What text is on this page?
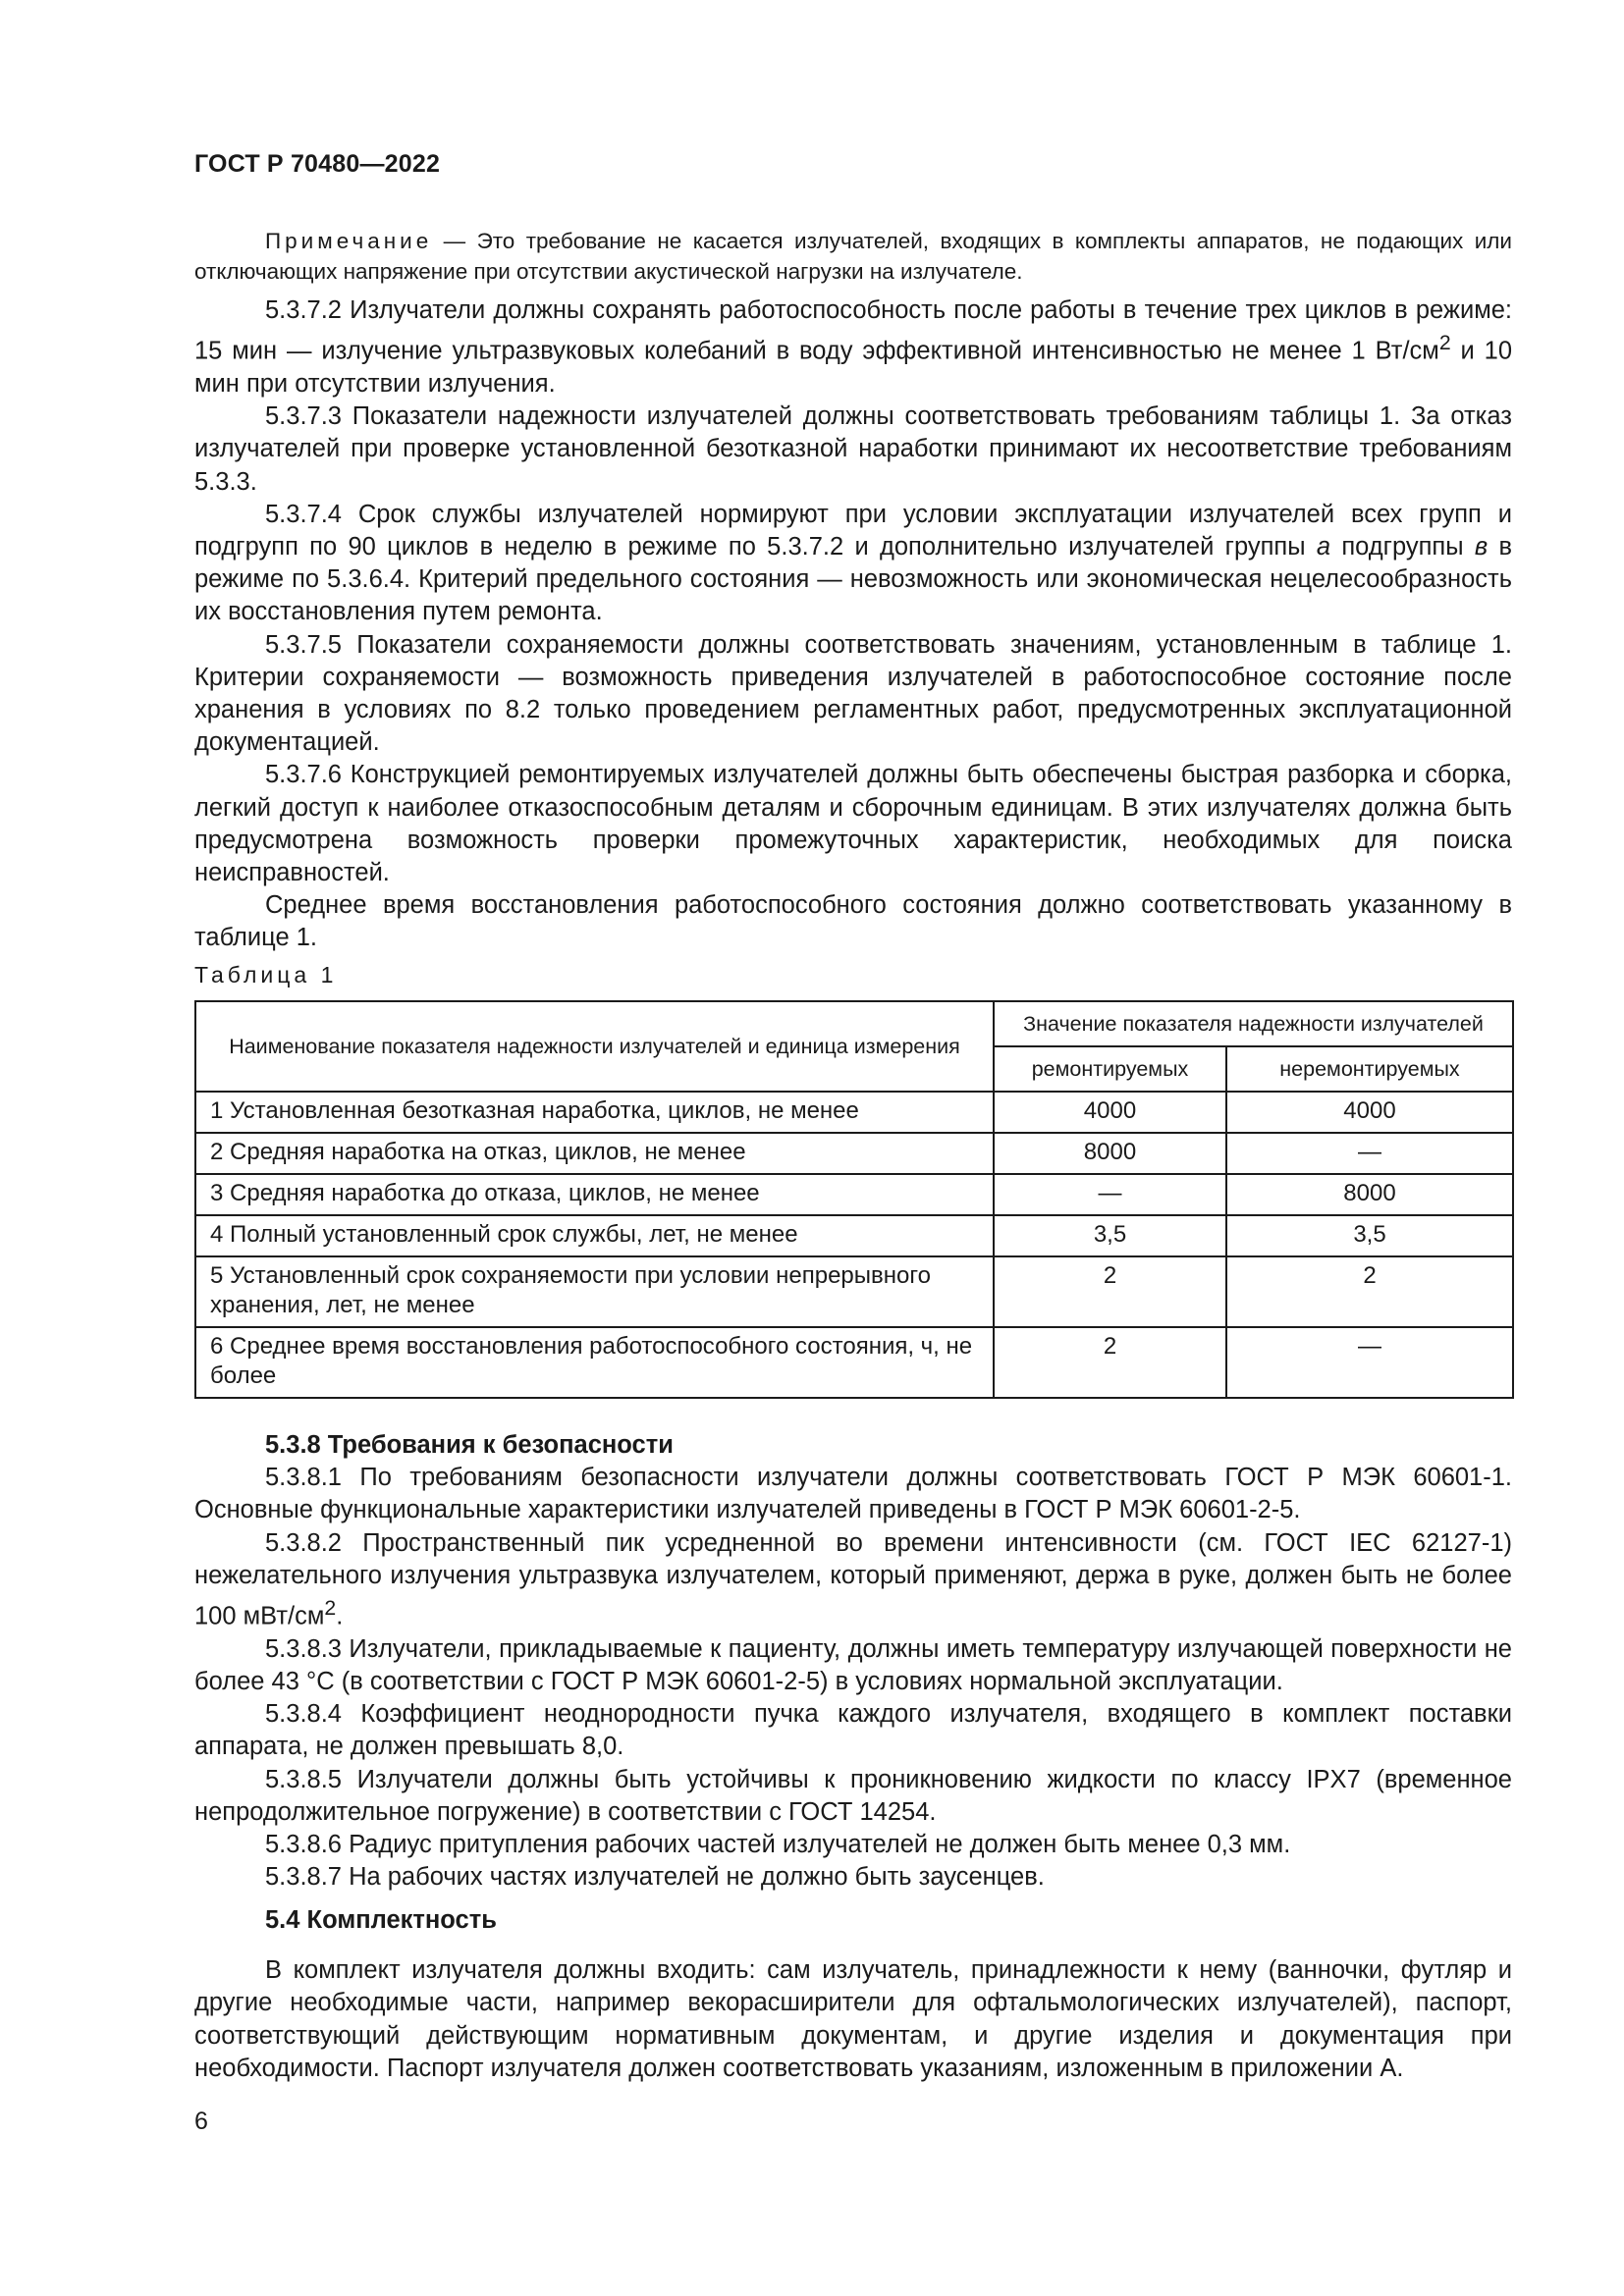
ГОСТ Р 70480—2022

Примечание — Это требование не касается излучателей, входящих в комплекты аппаратов, не подающих или отключающих напряжение при отсутствии акустической нагрузки на излучателе.

5.3.7.2 Излучатели должны сохранять работоспособность после работы в течение трех циклов в режиме: 15 мин — излучение ультразвуковых колебаний в воду эффективной интенсивностью не менее 1 $Вт/см^2$ и 10 мин при отсутствии излучения.

5.3.7.3 Показатели надежности излучателей должны соответствовать требованиям таблицы 1. За отказ излучателей при проверке установленной безотказной наработки принимают их несоответствие требованиям 5.3.3.

5.3.7.4 Срок службы излучателей нормируют при условии эксплуатации излучателей всех групп и подгрупп по 90 циклов в неделю в режиме по 5.3.7.2 и дополнительно излучателей группы а подгруппы в в режиме по 5.3.6.4. Критерий предельного состояния — невозможность или экономическая нецелесообразность их восстановления путем ремонта.

5.3.7.5 Показатели сохраняемости должны соответствовать значениям, установленным в таблице 1. Критерии сохраняемости — возможность приведения излучателей в работоспособное состояние после хранения в условиях по 8.2 только проведением регламентных работ, предусмотренных эксплуатационной документацией.

5.3.7.6 Конструкцией ремонтируемых излучателей должны быть обеспечены быстрая разборка и сборка, легкий доступ к наиболее отказоспособным деталям и сборочным единицам. В этих излучателях должна быть предусмотрена возможность проверки промежуточных характеристик, необходимых для поиска неисправностей.

Среднее время восстановления работоспособного состояния должно соответствовать указанному в таблице 1.

Таблица 1
Наименование показателя надежности излучателей и единица измерения	Значение показателя надежности излучателей	
	ремонтируемых	неремонтируемых
1 Установленная безотказная наработка, циклов, не менее	4000	4000
2 Средняя наработка на отказ, циклов, не менее	8000	—
3 Средняя наработка до отказа, циклов, не менее	—	8000
4 Полный установленный срок службы, лет, не менее	3,5	3,5
5 Установленный срок сохраняемости при условии непрерывного хранения, лет, не менее	2	2
6 Среднее время восстановления работоспособного состояния, ч, не более	2	—
5.3.8 Требования к безопасности

5.3.8.1 По требованиям безопасности излучатели должны соответствовать ГОСТ Р МЭК 60601-1. Основные функциональные характеристики излучателей приведены в ГОСТ Р МЭК 60601-2-5.

5.3.8.2 Пространственный пик усредненной во времени интенсивности (см. ГОСТ IEC 62127-1) нежелательного излучения ультразвука излучателем, который применяют, держа в руке, должен быть не более 100 мВт/$см^2$.

5.3.8.3 Излучатели, прикладываемые к пациенту, должны иметь температуру излучающей поверхности не более 43 °C (в соответствии с ГОСТ Р МЭК 60601-2-5) в условиях нормальной эксплуатации.

5.3.8.4 Коэффициент неоднородности пучка каждого излучателя, входящего в комплект поставки аппарата, не должен превышать 8,0.

5.3.8.5 Излучатели должны быть устойчивы к проникновению жидкости по классу IPX7 (временное непродолжительное погружение) в соответствии с ГОСТ 14254.

5.3.8.6 Радиус притупления рабочих частей излучателей не должен быть менее 0,3 мм.

5.3.8.7 На рабочих частях излучателей не должно быть заусенцев.

5.4 Комплектность

В комплект излучателя должны входить: сам излучатель, принадлежности к нему (ванночки, футляр и другие необходимые части, например векорасширители для офтальмологических излучателей), паспорт, соответствующий действующим нормативным документам, и другие изделия и документация при необходимости. Паспорт излучателя должен соответствовать указаниям, изложенным в приложении А.

6
